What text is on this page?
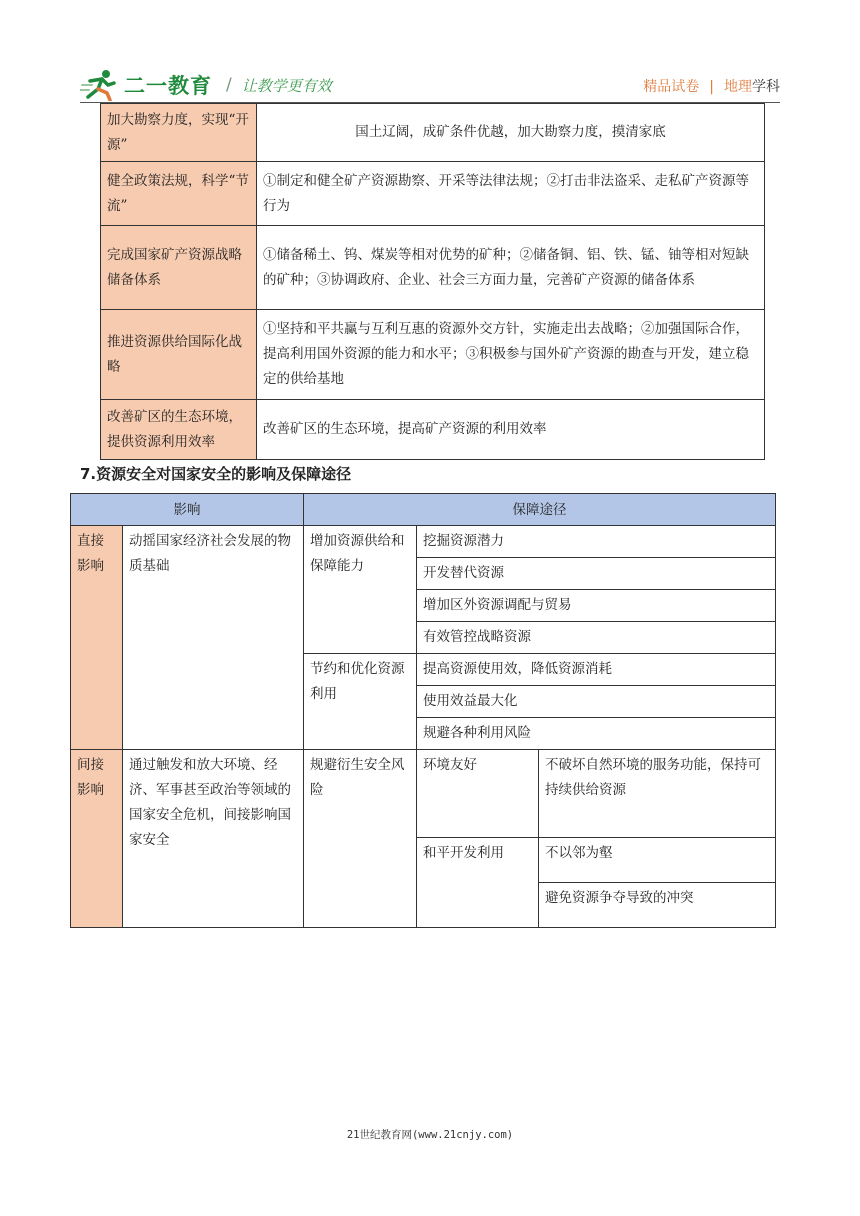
二一教育 / 让教学更有效	精品试卷 | 地理学科
加大勘察力度，实现“开源”	国土辽阔，成矿条件优越，加大勘察力度，摸清家底
健全政策法规，科学“节流”	①制定和健全矿产资源勘察、开采等法律法规；②打击非法盗采、走私矿产资源等行为
完成国家矿产资源战略储备体系	①储备稀土、钨、煤炭等相对优势的矿种；②储备铜、铝、铁、锰、铀等相对短缺的矿种；③协调政府、企业、社会三方面力量，完善矿产资源的储备体系
推进资源供给国际化战略	①坚持和平共赢与互利互惠的资源外交方针，实施走出去战略；②加强国际合作，提高利用国外资源的能力和水平；③积极参与国外矿产资源的勘查与开发，建立稳定的供给基地
改善矿区的生态环境，提供资源利用效率	改善矿区的生态环境，提高矿产资源的利用效率
7.资源安全对国家安全的影响及保障途径
影响		保障途径		
直接影响	动摇国家经济社会发展的物质基础	增加资源供给和保障能力	挖掘资源潜力	
			开发替代资源	
			增加区外资源调配与贸易	
			有效管控战略资源	
		节约和优化资源利用	提高资源使用效，降低资源消耗	
			使用效益最大化	
			规避各种利用风险	
间接影响	通过触发和放大环境、经济、军事甚至政治等领域的国家安全危机，间接影响国家安全	规避衍生安全风险	环境友好	不破坏自然环境的服务功能，保持可持续供给资源
			和平开发利用	不以邻为壑
				避免资源争夺导致的冲突
21世纪教育网(www.21cnjy.com)
